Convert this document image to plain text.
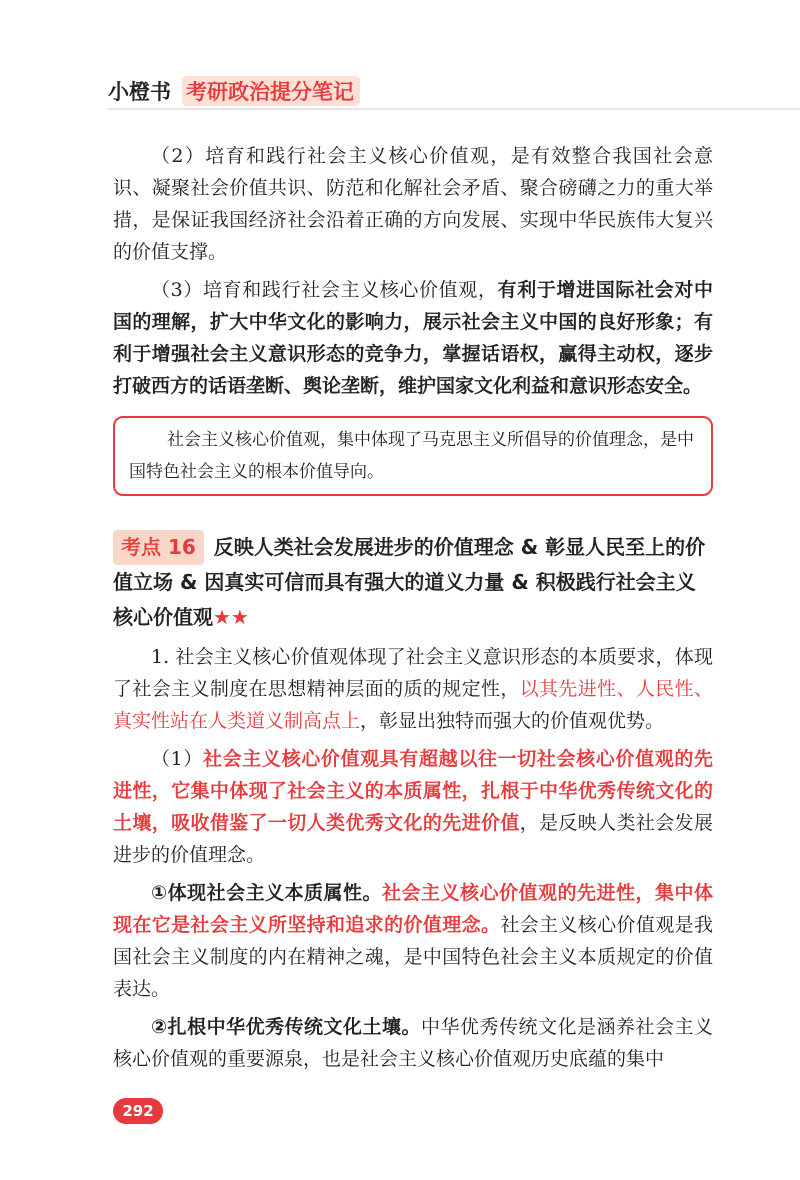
小橙书 考研政治提分笔记

（2）培育和践行社会主义核心价值观，是有效整合我国社会意识、凝聚社会价值共识、防范和化解社会矛盾、聚合磅礴之力的重大举措，是保证我国经济社会沿着正确的方向发展、实现中华民族伟大复兴的价值支撑。

（3）培育和践行社会主义核心价值观，有利于增进国际社会对中国的理解，扩大中华文化的影响力，展示社会主义中国的良好形象；有利于增强社会主义意识形态的竞争力，掌握话语权，赢得主动权，逐步打破西方的话语垄断、舆论垄断，维护国家文化利益和意识形态安全。

社会主义核心价值观，集中体现了马克思主义所倡导的价值理念，是中国特色社会主义的根本价值导向。
考点 16 反映人类社会发展进步的价值理念 & 彰显人民至上的价值立场 & 因真实可信而具有强大的道义力量 & 积极践行社会主义核心价值观★★

1. 社会主义核心价值观体现了社会主义意识形态的本质要求，体现了社会主义制度在思想精神层面的质的规定性，以其先进性、人民性、真实性站在人类道义制高点上，彰显出独特而强大的价值观优势。

（1）社会主义核心价值观具有超越以往一切社会核心价值观的先进性，它集中体现了社会主义的本质属性，扎根于中华优秀传统文化的土壤，吸收借鉴了一切人类优秀文化的先进价值，是反映人类社会发展进步的价值理念。

①体现社会主义本质属性。社会主义核心价值观的先进性，集中体现在它是社会主义所坚持和追求的价值理念。社会主义核心价值观是我国社会主义制度的内在精神之魂，是中国特色社会主义本质规定的价值表达。

②扎根中华优秀传统文化土壤。中华优秀传统文化是涵养社会主义核心价值观的重要源泉，也是社会主义核心价值观历史底蕴的集中

292
